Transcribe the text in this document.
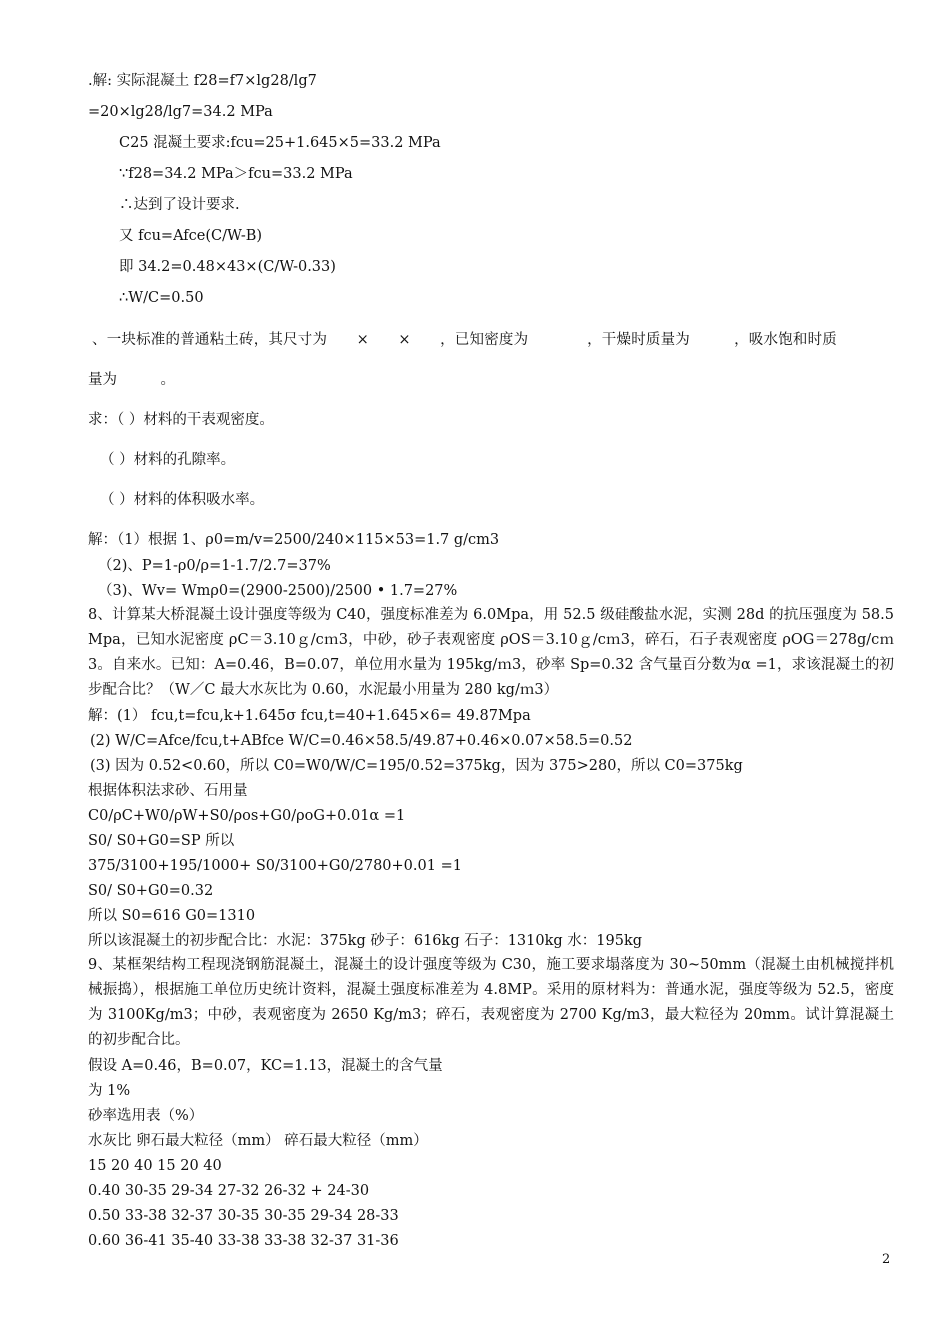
.解: 实际混凝土 f28=f7×lg28/lg7
=20×lg28/lg7=34.2 MPa
C25 混凝土要求:fcu=25+1.645×5=33.2 MPa
∵f28=34.2 MPa＞fcu=33.2 MPa
∴达到了设计要求.
又 fcu=Afce(C/W-B)
即 34.2=0.48×43×(C/W-0.33)
∴W/C=0.50
、一块标准的普通粘土砖，其尺寸为　　×　　×　　，已知密度为　　　　，干燥时质量为　　　，吸水饱和时质
量为　　　。
求：（ ）材料的干表观密度。
（ ）材料的孔隙率。
（ ）材料的体积吸水率。
解：（1）根据 1、ρ0=m/v=2500/240×115×53=1.7 g/cm3
（2)、P=1-ρ0/ρ=1-1.7/2.7=37%
（3)、Wv= Wmρ0=(2900-2500)/2500 • 1.7=27%
8、计算某大桥混凝土设计强度等级为 C40，强度标准差为 6.0Mpa，用 52.5 级硅酸盐水泥，实测 28d 的抗压强度为 58.5 Mpa，已知水泥密度 ρC＝3.10ｇ/cｍ3，中砂，砂子表观密度 ρOS＝3.10ｇ/cｍ3，碎石，石子表观密度 ρOG＝278g/cｍ3。自来水。已知：A=0.46，B=0.07，单位用水量为 195kg/ｍ3，砂率 Sp=0.32 含气量百分数为α =1，求该混凝土的初步配合比？（W／C 最大水灰比为 0.60，水泥最小用量为 280 kg/ｍ3）
解：(1） fcu,t=fcu,k+1.645σ fcu,t=40+1.645×6= 49.87Mpa
(2) W/C=Afce/fcu,t+ABfce W/C=0.46×58.5/49.87+0.46×0.07×58.5=0.52
(3) 因为 0.52<0.60，所以 C0=W0/W/C=195/0.52=375kg，因为 375>280，所以 C0=375kg
根据体积法求砂、石用量
C0/ρC+W0/ρW+S0/ρos+G0/ρoG+0.01α =1
S0/ S0+G0=SP 所以
375/3100+195/1000+ S0/3100+G0/2780+0.01 =1
S0/ S0+G0=0.32
所以 S0=616 G0=1310
所以该混凝土的初步配合比：水泥：375kg 砂子：616kg 石子：1310kg 水：195kg
9、某框架结构工程现浇钢筋混凝土，混凝土的设计强度等级为 C30，施工要求塌落度为 30~50mm（混凝土由机械搅拌机械振捣），根据施工单位历史统计资料，混凝土强度标准差为 4.8MP。采用的原材料为：普通水泥，强度等级为 52.5，密度为 3100Kg/m3；中砂，表观密度为 2650 Kg/m3；碎石，表观密度为 2700 Kg/m3，最大粒径为 20mm。试计算混凝土的初步配合比。
假设 A=0.46，B=0.07，KC=1.13，混凝土的含气量
为 1%
砂率选用表（%）
水灰比 卵石最大粒径（mm） 碎石最大粒径（mm）
15 20 40 15 20 40
0.40 30-35 29-34 27-32 26-32 + 24-30
0.50 33-38 32-37 30-35 30-35 29-34 28-33
0.60 36-41 35-40 33-38 33-38 32-37 31-36
2
